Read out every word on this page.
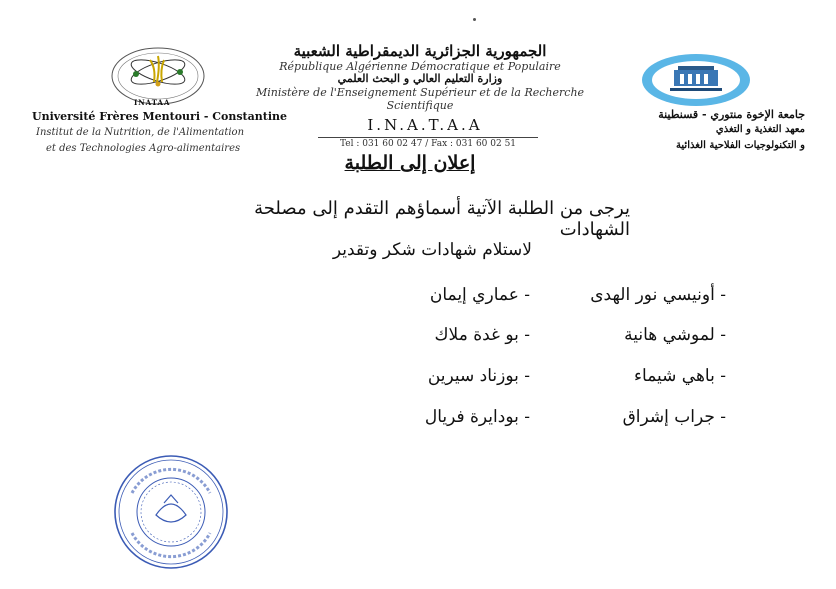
INATAA
الجمهورية الجزائرية الديمقراطية الشعبية
République Algérienne Démocratique et Populaire
وزارة التعليم العالي و البحث العلمي
Ministère de l'Enseignement Supérieur et de la Recherche Scientifique
Université Frères Mentouri - Constantine
Institut de la Nutrition, de l'Alimentation
et des Technologies Agro-alimentaires
I.N.A.T.A.A
Tel : 031 60 02 47 / Fax : 031 60 02 51
جامعة الإخوة منتوري - قسنطينة
معهد التغذية و التغذي
و التكنولوجيات الفلاحية الغذائية
إعلان إلى الطلبة
يرجى من الطلبة الآتية أسماؤهم التقدم إلى مصلحة الشهادات
لاستلام شهادات شكر وتقدير
- أونيسي نور الهدى
- لموشي هانية
- باهي شيماء
- جراب إشراق
- عماري إيمان
- بو غدة ملاك
- بوزناد سيرين
- بودايرة فريال
